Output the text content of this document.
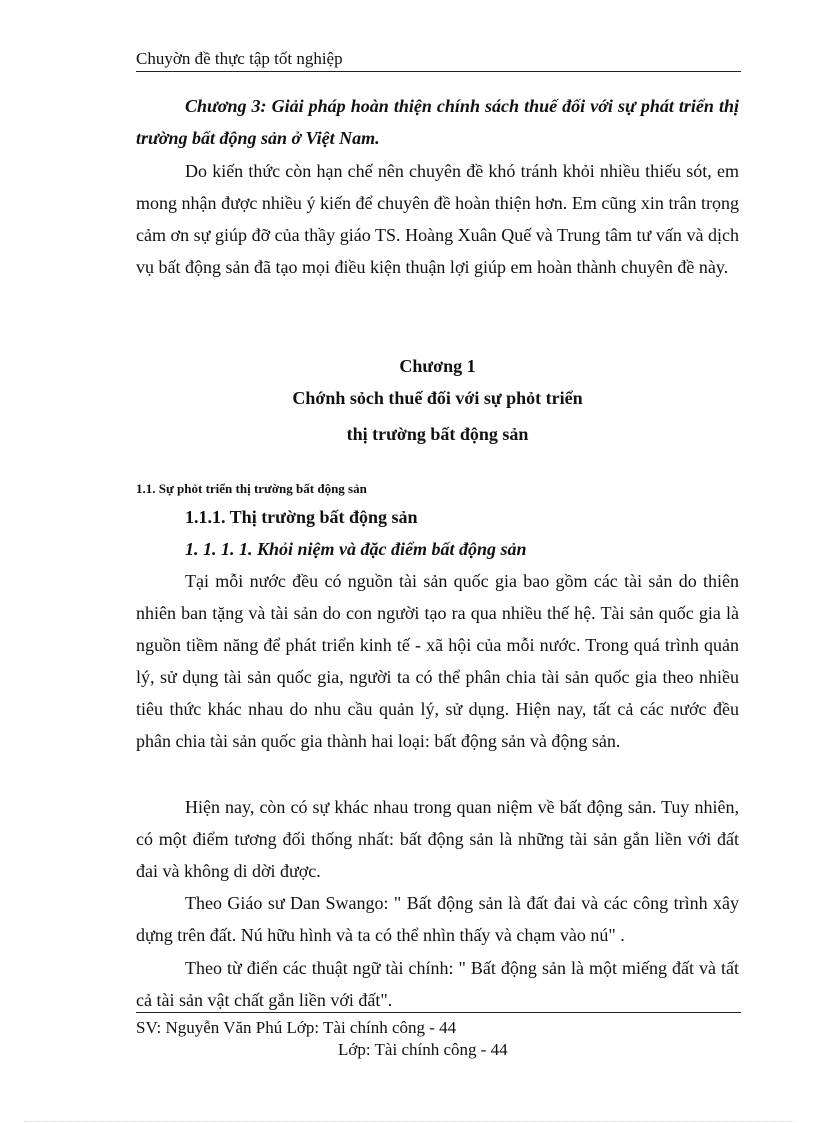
Chuyờn đề thực tập tốt nghiệp

Chương 3: Giải pháp hoàn thiện chính sách thuế đối với sự phát triển thị trường bất động sản ở Việt Nam.

Do kiến thức còn hạn chế nên chuyên đề khó tránh khỏi nhiều thiếu sót, em mong nhận được nhiều ý kiến để chuyên đề hoàn thiện hơn. Em cũng xin trân trọng cảm ơn sự giúp đỡ của thầy giáo TS. Hoàng Xuân Quế và Trung tâm tư vấn và dịch vụ bất động sản đã tạo mọi điều kiện thuận lợi giúp em hoàn thành chuyên đề này.

Chương 1
Chớnh sỏch thuế đối với sự phỏt triển
thị trường bất động sản
1.1. Sự phỏt triển thị trường bất động sản
1.1.1. Thị trường bất động sản
1. 1. 1. 1. Khỏi niệm và đặc điểm bất động sản

Tại mỗi nước đều có nguồn tài sản quốc gia bao gồm các tài sản do thiên nhiên ban tặng và tài sản do con người tạo ra qua nhiều thế hệ. Tài sản quốc gia là nguồn tiềm năng để phát triển kinh tế - xã hội của mỗi nước. Trong quá trình quản lý, sử dụng tài sản quốc gia, người ta có thể phân chia tài sản quốc gia theo nhiều tiêu thức khác nhau do nhu cầu quản lý, sử dụng. Hiện nay, tất cả các nước đều phân chia tài sản quốc gia thành hai loại: bất động sản và động sản.

Hiện nay, còn có sự khác nhau trong quan niệm về bất động sản. Tuy nhiên, có một điểm tương đối thống nhất: bất động sản là những tài sản gắn liền với đất đai và không di dời được.

Theo Giáo sư Dan Swango: " Bất động sản là đất đai và các công trình xây dựng trên đất. Nú hữu hình và ta có thể nhìn thấy và chạm vào nú" .

Theo từ điển các thuật ngữ tài chính: " Bất động sản là một miếng đất và tất cả tài sản vật chất gắn liền với đất".

SV: Nguyễn Văn Phú Lớp: Tài chính công - 44
Lớp: Tài chính công - 44
